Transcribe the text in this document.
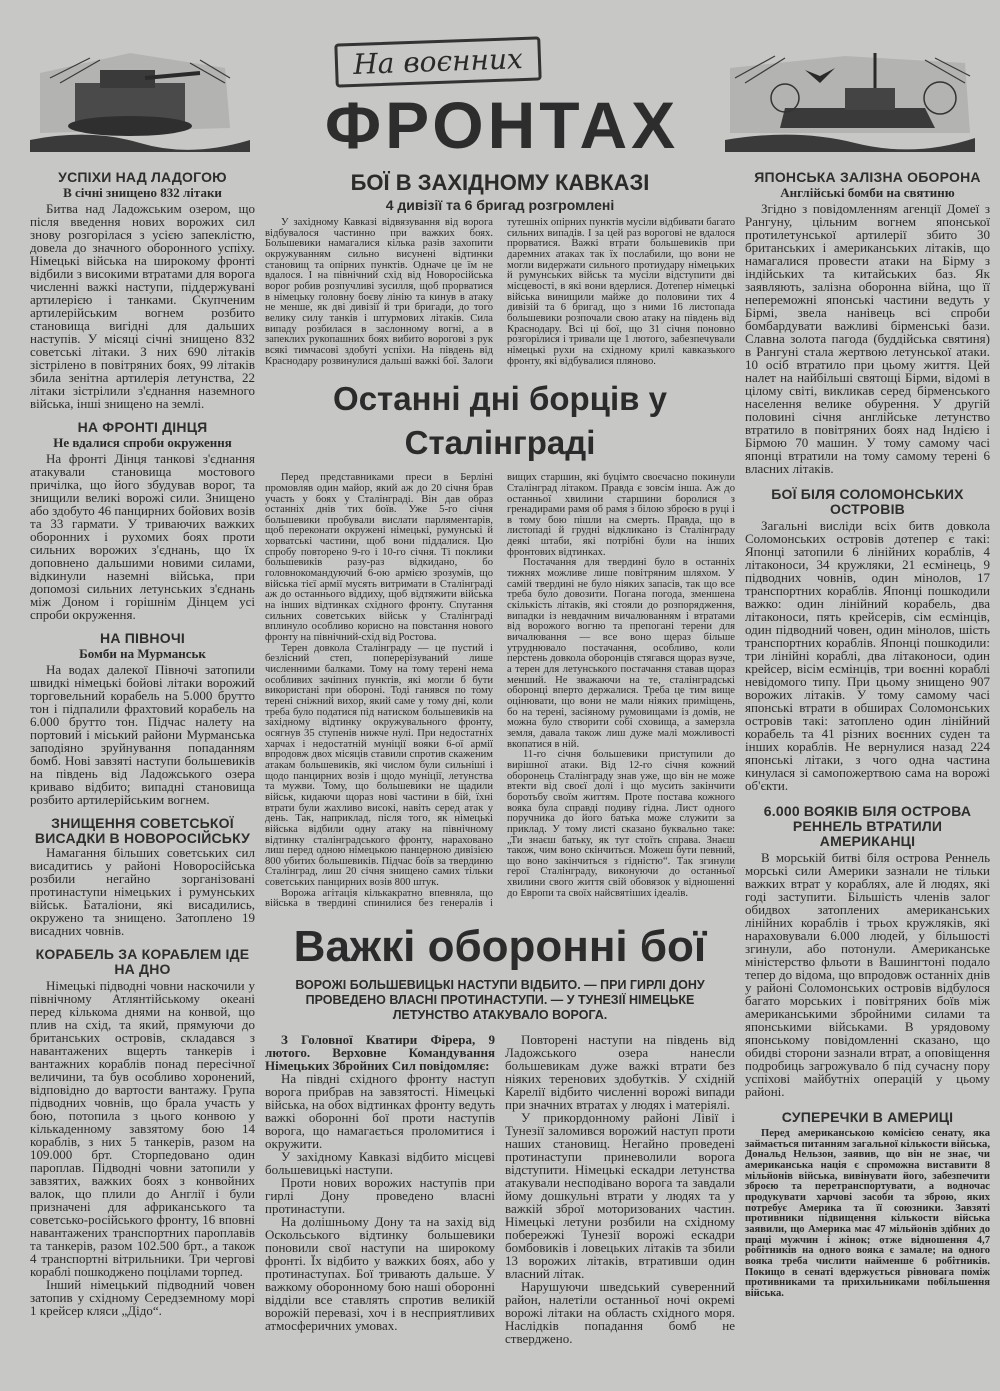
На воєнних
ФРОНТАХ
УСПІХИ НАД ЛАДОГОЮ
В січні знищено 832 літаки

Битва над Ладожським озером, що після введення нових ворожих сил знову розгорілася з усією запеклістю, довела до значного оборонного успіху. Німецькі війська на широкому фронті відбили з високими втратами для ворога численні важкі наступи, піддержувані артилерією і танками. Скупченим артилерійським вогнем розбито становища вигідні для дальших наступів. У місяці січні знищено 832 советські літаки. З них 690 літаків зістрілено в повітряних боях, 99 літаків збила зенітна артилерія летунства, 22 літаки зістрілили з'єднання наземного війська, інші знищено на землі.

НА ФРОНТІ ДІНЦЯ
Не вдалися спроби окруження

На фронті Дінця танкові з'єднання атакували становища мостового причілка, що його збудував ворог, та знищили великі ворожі сили. Знищено або здобуто 46 панцирних бойових возів та 33 гармати. У триваючих важких оборонних і рухомих боях проти сильних ворожих з'єднань, що їх доповнено дальшими новими силами, відкинули наземні війська, при допомозі сильних летунських з'єднань між Доном і горішнім Дінцем усі спроби окруження.

НА ПІВНОЧІ
Бомби на Мурманськ

На водах далекої Півночі затопили швидкі німецькі бойові літаки ворожий торговельний корабель на 5.000 брутто тон і підпалили фрахтовий корабель на 6.000 брутто тон. Підчас налету на портовий і міський райони Мурманська заподіяно зруйнування попаданням бомб. Нові завзяті наступи большевиків на південь від Ладожського озера криваво відбито; випадні становища розбито артилерійським вогнем.

ЗНИЩЕННЯ СОВЕТСЬКОЇ ВИСАДКИ В НОВОРОСІЙСЬКУ

Намагання більших советських сил висадитись у районі Новоросійська розбили негайно зорганізовані протинаступи німецьких і румунських військ. Баталіони, які висадились, окружено та знищено. Затоплено 19 висадних човнів.

КОРАБЕЛЬ ЗА КОРАБЛЕМ ІДЕ НА ДНО

Німецькі підводні човни наскочили у північному Атлянтійському океані перед кількома днями на конвой, що плив на схід, та який, прямуючи до британських островів, складався з навантажених вщерть танкерів і вантажних кораблів понад пересічної величини, та був особливо хоронений, відповідно до вартости вантажу. Група підводних човнів, що брала участь у бою, потопила з цього конвою у кількаденному завзятому бою 14 кораблів, з них 5 танкерів, разом на 109.000 брт. Сторпедовано один пароплав. Підводні човни затопили у завзятих, важких боях з конвойних валок, що плили до Англії і були призначені для африканського та советсько-російського фронту, 16 вповні навантажених транспортних пароплавів та танкерів, разом 102.500 брт., а також 4 транспортні вітрильники. Три чергові кораблі пошкоджено поцілами торпед.

Інший німецький підводний човен затопив у східному Середземному морі 1 крейсер кляси „Дідо“.

БОЇ В ЗАХІДНОМУ КАВКАЗІ
4 дивізії та 6 бригад розгромлені

У західному Кавказі відвязування від ворога відбувалося частинно при важких боях. Большевики намагалися кілька разів захопити окружуванням сильно висунені відтинки становищ та опірних пунктів. Одначе це їм не вдалося. І на північний схід від Новоросійська ворог робив розпучливі зусилля, щоб прорватися в німецьку головну боєву лінію та кинув в атаку не менше, як дві дивізії й три бригади, до того велику силу танків і штурмових літаків. Сила випаду розбилася в заслонному вогні, а в запеклих рукопашних боях вибито ворогові з рук всякі тимчасові здобуті успіхи. На південь від Краснодару розвинулися дальші важкі бої. Залоги тутешніх опірних пунктів мусіли відбивати багато сильних випадів. І за цей раз ворогові не вдалося прорватися. Важкі втрати большевиків при даремних атаках так їх послабили, що вони не могли видержати сильного протиудару німецьких й румунських військ та мусіли відступити дві місцевості, в які вони вдерлися. Дотепер німецькі війська винищили майже до половини тих 4 дивізій та 6 бригад, що з ними 16 листопада большевики розпочали свою атаку на південь від Краснодару. Всі ці бої, що 31 січня поновно розгорілися і тривали ще 1 лютого, забезпечували німецькі рухи на східному крилі кавказького фронту, які відбувалися пляново.

Останні дні борців у Сталінграді

Перед представниками преси в Берліні промовляв один майор, який аж до 20 січня брав участь у боях у Сталінграді. Він дав образ останніх днів тих боїв. Уже 5-го січня большевики пробували вислати парляментарів, щоб переконати окружені німецькі, румунські й хорватські частини, щоб вони піддалися. Цю спробу повторено 9-го і 10-го січня. Ті поклики большевиків разу-раз відкидано, бо головнокомандуючий 6-ою армією зрозумів, що війська тієї армії мусять витримати в Сталінграді аж до останнього віддиху, щоб відтяжити війська на інших відтинках східного фронту. Спутання сильних советських військ у Сталінграді вплинуло особливо корисно на повстання нового фронту на північний-схід від Ростова.

Терен довкола Сталінграду — це пустий і безлісний степ, поперерізуваний лише численними балками. Тому на тому терені нема особливих зачіпних пунктів, які могли б бути використані при обороні. Тоді ганявся по тому терені сніжний вихор, який саме у тому дні, коли треба було податися під натиском большевиків на західному відтинку окружувального фронту, осягнув 35 ступенів нижче нулі. При недостатніх харчах і недостатній муніції вояки 6-ої армії впродовж двох місяців ставили спротив скаженим атакам большевиків, які числом були сильніші і щодо панцирних возів і щодо муніції, летунства та мужви. Тому, що большевики не щадили військ, кидаючи щораз нові частини в бій, їхні втрати були жахливо високі, навіть серед атак у день. Так, наприклад, після того, як німецькі війська відбили одну атаку на північному відтинку сталінградського фронту, нараховано лиш перед одною німецькою панцерною дивізією 800 убитих большевиків. Підчас боїв за твердиню Сталінград, лиш 20 січня знищено самих тільки советських панцирних возів 800 штук.

Ворожа агітація кількакратно впевняла, що війська в твердині спинилися без генералів і вищих старшин, які буцімто своєчасно покинули Сталінград літаком. Правда є зовсім інша. Аж до останньої хвилини старшини боролися з гренадирами рамя об рамя з білою зброєю в руці і в тому бою пішли на смерть. Правда, що в листопаді й грудні відкликано із Сталінграду деякі штаби, які потрібні були на інших фронтових відтинках.

Постачання для твердині було в останніх тижнях можливе лише повітряним шляхом. У самій твердині не було ніяких запасів, так що все треба було довозити. Погана погода, зменшена скількість літаків, які стояли до розпорядження, випадки із невдачним вичалюванням і втратами від ворожого вогню та препогані терени для вичалювання — все воно щераз більше утруднювало постачання, особливо, коли перстень довкола оборонців стягався щораз вузче, а терен для летунського постачання ставав щораз менший. Не зважаючи на те, сталінградські оборонці вперто держалися. Треба це тим вище оцінювати, що вони не мали ніяких приміщень, бо на терені, засіяному румовищами із домів, не можна було створити собі сховища, а замерзла земля, давала також лиш дуже малі можливості вкопатися в ній.

11-го січня большевики приступили до вирішної атаки. Від 12-го січня кожний оборонець Сталінграду знав уже, що він не може втекти від своєї долі і що мусить закінчити боротьбу своїм життям. Проте постава кожного вояка була справді подиву гідна. Лист одного поручника до його батька може служити за приклад. У тому листі сказано буквально таке: „Ти знаєш батьку, як тут стоїть справа. Знаєш також, чим воно скінчиться. Можеш бути певний, що воно закінчиться з гідністю“. Так згинули герої Сталінграду, виконуючи до останньої хвилини свого життя свій обовязок у відношенні до Европи та своїх найсвятіших ідеалів.

Важкі оборонні бої
ВОРОЖІ БОЛЬШЕВИЦЬКІ НАСТУПИ ВІДБИТО. — ПРИ ГИРЛІ ДОНУ ПРОВЕДЕНО ВЛАСНІ ПРОТИНАСТУПИ. — У ТУНЕЗІЇ НІМЕЦЬКЕ ЛЕТУНСТВО АТАКУВАЛО ВОРОГА.

З Головної Кватири Фірера, 9 лютого. Верховне Командування Німецьких Збройних Сил повідомляє:

На півдні східного фронту наступ ворога прибрав на завзятості. Німецькі війська, на обох відтинках фронту ведуть важкі оборонні бої проти наступів ворога, що намагається проломитися і окружити.

У західному Кавказі відбито місцеві большевицькі наступи.

Проти нових ворожих наступів при гирлі Дону проведено власні протинаступи.

На долішньому Дону та на захід від Оскольського відтинку большевики поновили свої наступи на широкому фронті. Їх відбито у важких боях, або у протинаступах. Бої тривають дальше. У важкому оборонному бою наші оборонні відділи все ставлять спротив великій ворожій перевазі, хоч і в несприятливих атмосферичних умовах.

Повторені наступи на південь від Ладожського озера нанесли большевикам дуже важкі втрати без ніяких теренових здобутків. У східній Карелії відбито численні ворожі випади при значних втратах у людях і матеріялі.

У прикордонному районі Лівії і Тунезії заломився ворожий наступ проти наших становищ. Негайно проведені протинаступи приневолили ворога відступити. Німецькі ескадри летунства атакували несподівано ворога та завдали йому дошкульні втрати у людях та у важкій зброї моторизованих частин. Німецькі летуни розбили на східному побережжі Тунезії ворожі ескадри бомбовиків і ловецьких літаків та збили 13 ворожих літаків, втративши один власний літак.

Нарушуючи шведський суверенний район, налетіли останньої ночі окремі ворожі літаки на область східного моря. Наслідків попадання бомб не стверджено.

ЯПОНСЬКА ЗАЛІЗНА ОБОРОНА
Англійські бомби на святиню

Згідно з повідомленням агенції Домеї з Рангуну, цільним вогнем японської протилетунської артилерії збито 30 британських і американських літаків, що намагалися провести атаки на Бірму з індійських та китайських баз. Як заявляють, залізна оборонна війна, що її непереможні японські частини ведуть у Бірмі, звела нанівець всі спроби бомбардувати важливі бірменські бази. Славна золота пагода (буддійська святиня) в Рангуні стала жертвою летунської атаки. 10 осіб втратило при цьому життя. Цей налет на найбільші святощі Бірми, відомі в цілому світі, викликав серед бірменського населення велике обурення. У другій половині січня англійське летунство втратило в повітряних боях над Індією і Бірмою 70 машин. У тому самому часі японці втратили на тому самому терені 6 власних літаків.

БОЇ БІЛЯ СОЛОМОНСЬКИХ ОСТРОВІВ

Загальні висліди всіх битв довкола Соломонських островів дотепер є такі: Японці затопили 6 лінійних кораблів, 4 літаконоси, 34 кружляки, 21 есмінець, 9 підводних човнів, один мінолов, 17 транспортних кораблів. Японці пошкодили важко: один лінійний корабель, два літаконоси, пять крейсерів, сім есмінців, один підводний човен, один мінолов, шість транспортних кораблів. Японці пошкодили: три лінійні кораблі, два літаконоси, один крейсер, вісім есмінців, три воєнні кораблі невідомого типу. При цьому знищено 907 ворожих літаків. У тому самому часі японські втрати в обширах Соломонських островів такі: затоплено один лінійний корабель та 41 різних воєнних суден та інших кораблів. Не вернулися назад 224 японські літаки, з чого одна частина кинулася зі самопожертвою сама на ворожі об'єкти.

6.000 ВОЯКІВ БІЛЯ ОСТРОВА РЕННЕЛЬ ВТРАТИЛИ АМЕРИКАНЦІ

В морській битві біля острова Реннель морські сили Америки зазнали не тільки важких втрат у кораблях, але й людях, які годі заступити. Більшість членів залог обидвох затоплених американських лінійних кораблів і трьох кружляків, які нараховували 6.000 людей, у більшості згинули, або потонули. Американське міністерство фльоти в Вашингтоні подало тепер до відома, що впродовж останніх днів у районі Соломонських островів відбулося багато морських і повітряних боїв між американськими збройними силами та японськими військами. В урядовому японському повідомленні сказано, що обидві сторони зазнали втрат, а оповіщення подробиць загрожувало б під сучасну пору успіхові майбутніх операцій у цьому районі.

СУПЕРЕЧКИ В АМЕРИЦІ

Перед американською комісією сенату, яка займається питанням загальної кількости війська, Дональд Нельзон, заявив, що він не знає, чи американська нація є спроможна виставити 8 мільйонів війська, вивінувати його, забезпечити зброєю та перетранспортувати, а водночас продукувати харчові засоби та зброю, яких потребує Америка та її союзники. Завзяті противники підвищення кількости війська заявили, що Америка має 47 мільйонів здібних до праці мужчин і жінок; отже відношення 4,7 робітників на одного вояка є замале; на одного вояка треба числити найменше 6 робітників. Покищо в сенаті вдержується рівновага поміж противниками та прихильниками побільшення війська.
